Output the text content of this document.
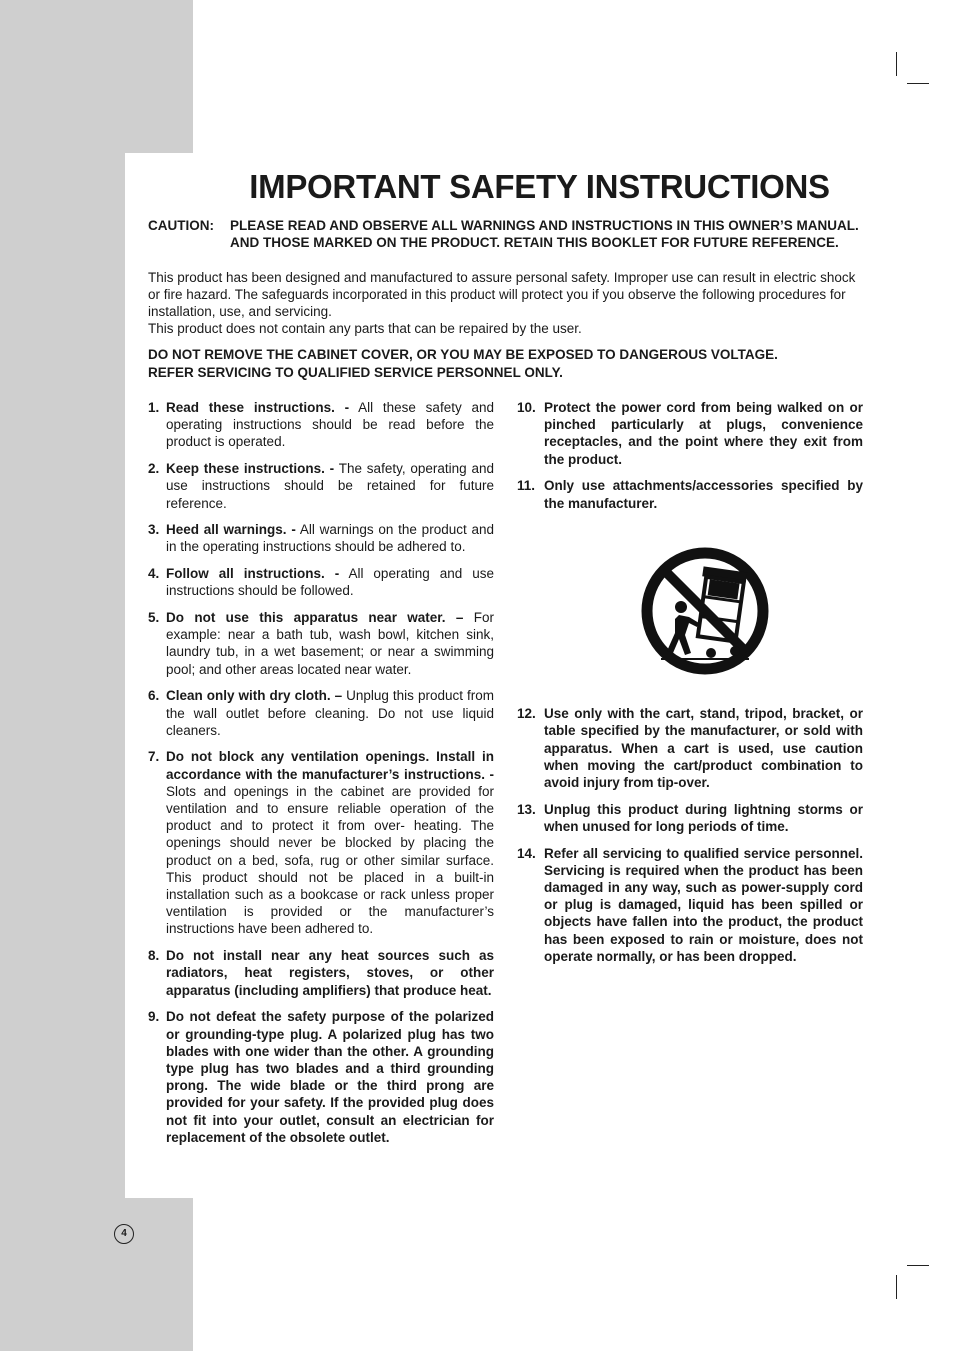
IMPORTANT SAFETY INSTRUCTIONS
CAUTION: PLEASE READ AND OBSERVE ALL WARNINGS AND INSTRUCTIONS IN THIS OWNER’S MANUAL. AND THOSE MARKED ON THE PRODUCT. RETAIN THIS BOOKLET FOR FUTURE REFERENCE.

This product has been designed and manufactured to assure personal safety. Improper use can result in electric shock or fire hazard. The safeguards incorporated in this product will protect you if you observe the following procedures for installation, use, and servicing.

This product does not contain any parts that can be repaired by the user.

DO NOT REMOVE THE CABINET COVER, OR YOU MAY BE EXPOSED TO DANGEROUS VOLTAGE.

REFER SERVICING TO QUALIFIED SERVICE PERSONNEL ONLY.

1. Read these instructions. - All these safety and operating instructions should be read before the product is operated.
2. Keep these instructions. - The safety, operating and use instructions should be retained for future reference.
3. Heed all warnings. - All warnings on the product and in the operating instructions should be adhered to.
4. Follow all instructions. - All operating and use instructions should be followed.
5. Do not use this apparatus near water. – For example: near a bath tub, wash bowl, kitchen sink, laundry tub, in a wet basement; or near a swimming pool; and other areas located near water.
6. Clean only with dry cloth. – Unplug this product from the wall outlet before cleaning. Do not use liquid cleaners.
7. Do not block any ventilation openings. Install in accordance with the manufacturer’s instructions. - Slots and openings in the cabinet are provided for ventilation and to ensure reliable operation of the product and to protect it from over- heating. The openings should never be blocked by placing the product on a bed, sofa, rug or other similar surface. This product should not be placed in a built-in installation such as a bookcase or rack unless proper ventilation is provided or the manufacturer’s instructions have been adhered to.
8. Do not install near any heat sources such as radiators, heat registers, stoves, or other apparatus (including amplifiers) that produce heat.
9. Do not defeat the safety purpose of the polarized or grounding-type plug. A polarized plug has two blades with one wider than the other. A grounding type plug has two blades and a third grounding prong. The wide blade or the third prong are provided for your safety. If the provided plug does not fit into your outlet, consult an electrician for replacement of the obsolete outlet.
10. Protect the power cord from being walked on or pinched particularly at plugs, convenience receptacles, and the point where they exit from the product.
11. Only use attachments/accessories specified by the manufacturer.
12. Use only with the cart, stand, tripod, bracket, or table specified by the manufacturer, or sold with apparatus. When a cart is used, use caution when moving the cart/product combination to avoid injury from tip-over.
13. Unplug this product during lightning storms or when unused for long periods of time.
14. Refer all servicing to qualified service personnel. Servicing is required when the product has been damaged in any way, such as power-supply cord or plug is damaged, liquid has been spilled or objects have fallen into the product, the product has been exposed to rain or moisture, does not operate normally, or has been dropped.
4
